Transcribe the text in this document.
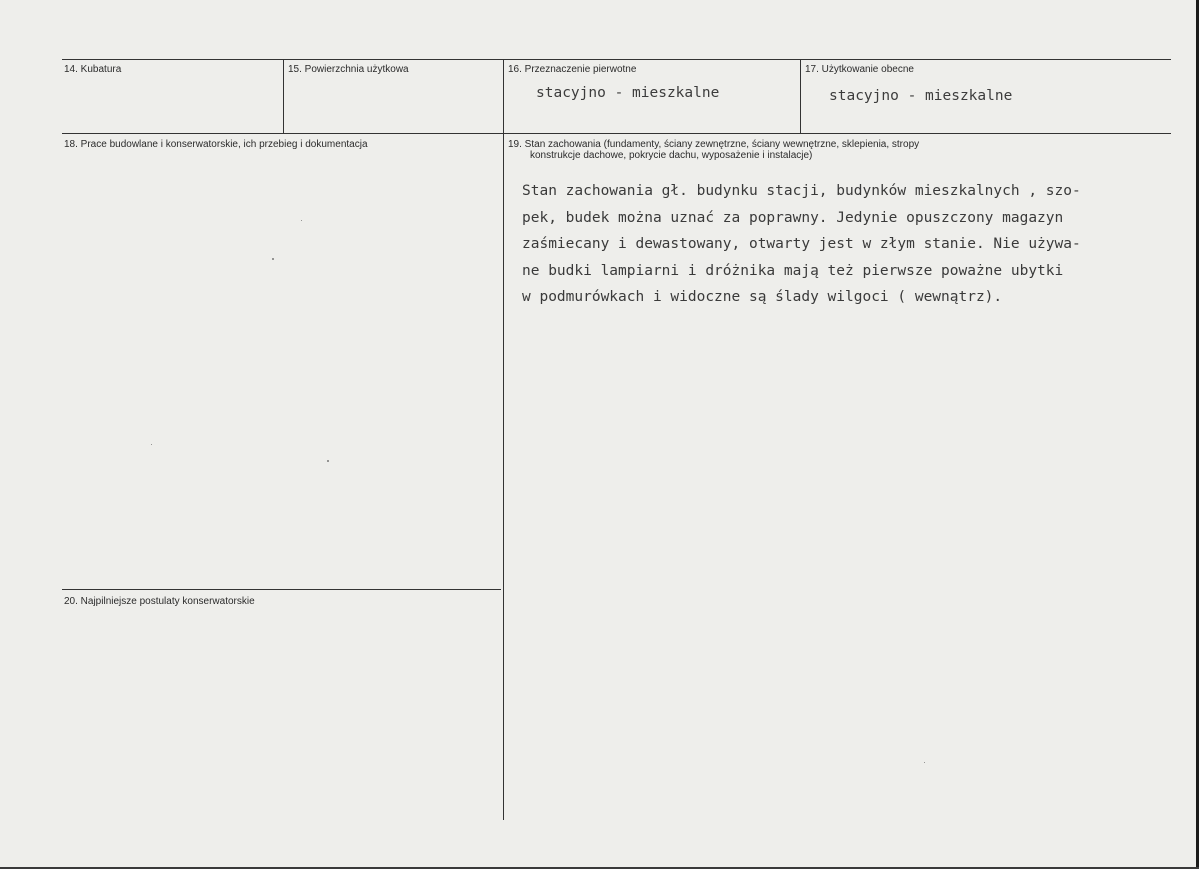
14. Kubatura	15. Powierzchnia użytkowa	16. Przeznaczenie pierwotne
stacyjno - mieszkalne
17. Użytkowanie obecne
stacyjno - mieszkalne
18. Prace budowlane i konserwatorskie, ich przebieg i dokumentacja	19. Stan zachowania (fundamenty, ściany zewnętrzne, ściany wewnętrzne, sklepienia, stropy
konstrukcje dachowe, pokrycie dachu, wyposażenie i instalacje)
Stan zachowania gł. budynku stacji, budynków mieszkalnych , szo-
pek, budek można uznać za poprawny. Jedynie opuszczony magazyn
zaśmiecany i dewastowany, otwarty jest w złym stanie. Nie używa-
ne budki lampiarni i dróżnika mają też pierwsze poważne ubytki
w podmurówkach i widoczne są ślady wilgoci ( wewnątrz).
20. Najpilniejsze postulaty konserwatorskie
